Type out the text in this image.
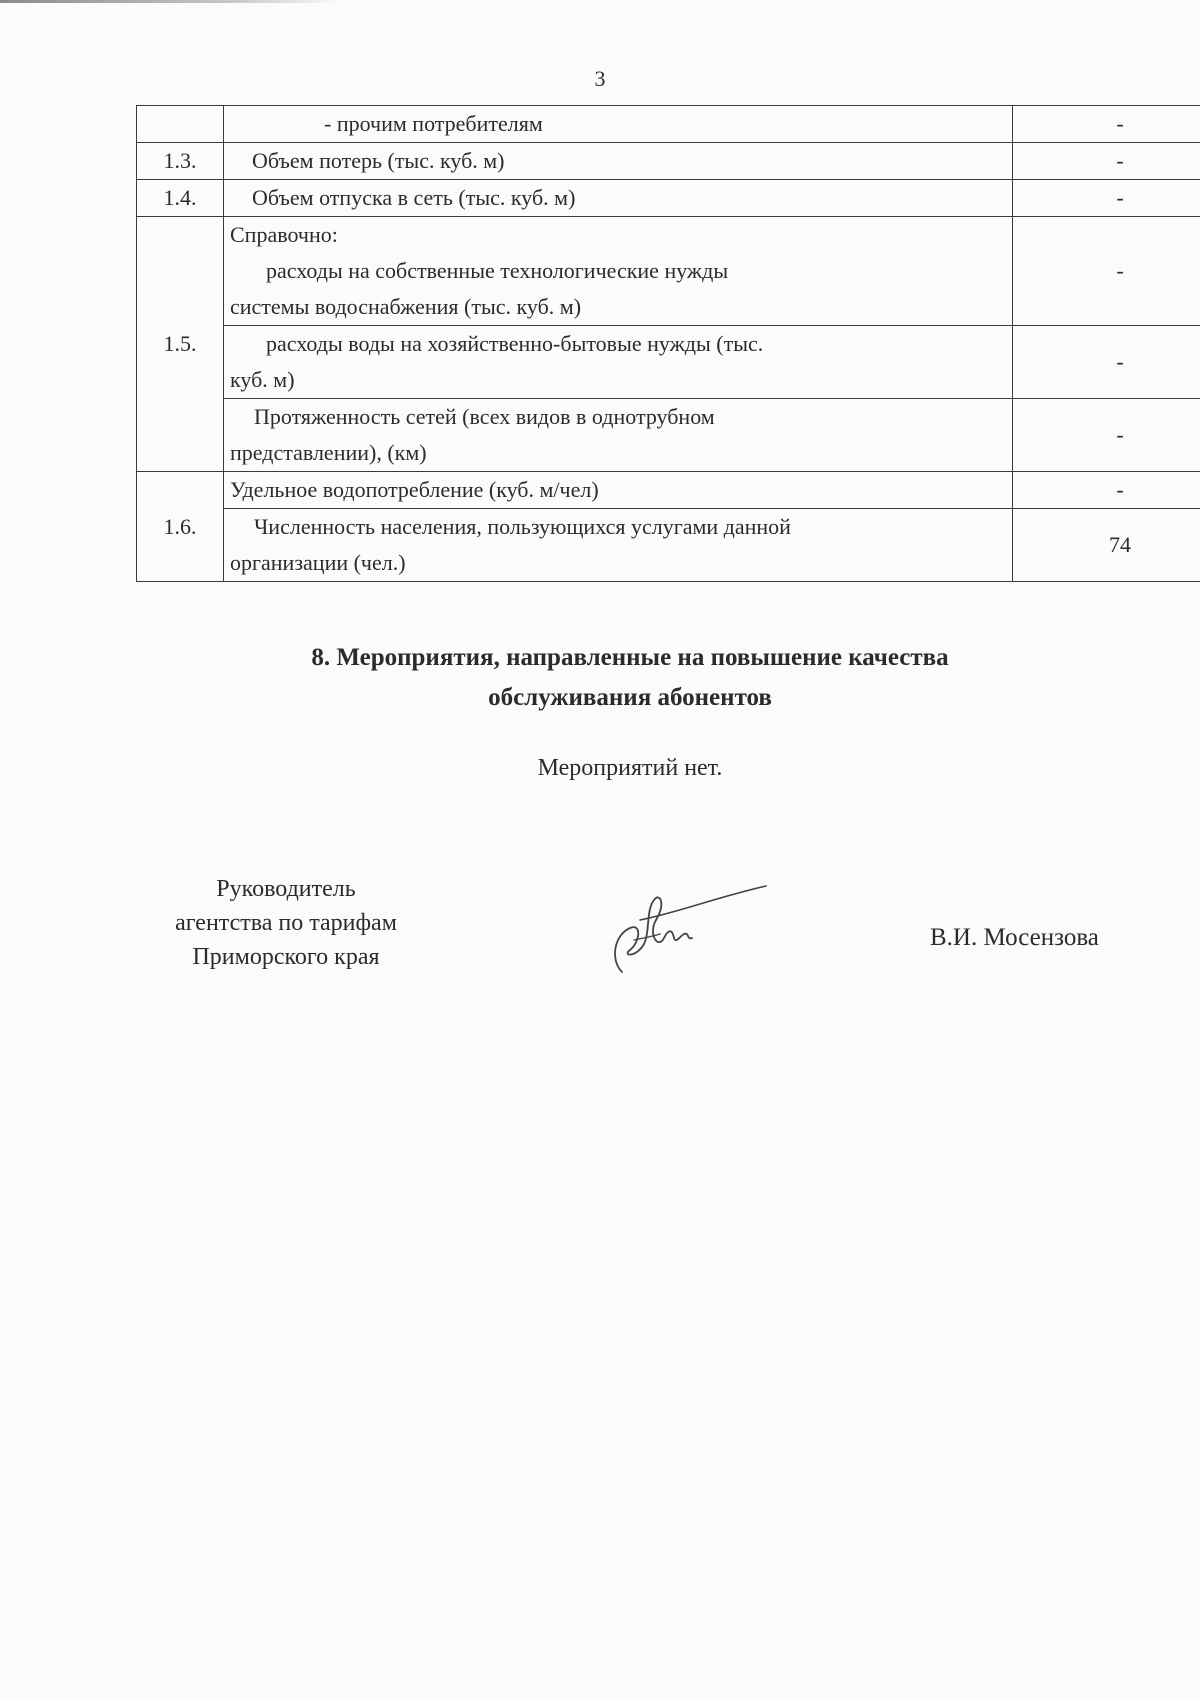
3

	- прочим потребителям	-
1.3.	Объем потерь (тыс. куб. м)	-
1.4.	Объем отпуска в сеть (тыс. куб. м)	-
1.5.	Справочно:
расходы на собственные технологические нужды
системы водоснабжения (тыс. куб. м)	-

	расходы воды на хозяйственно-бытовые нужды (тыс.
куб. м)	-

	Протяженность сетей (всех видов в однотрубном
представлении), (км)	-
1.6.	Удельное водопотребление (куб. м/чел)	-

	Численность населения, пользующихся услугами данной
организации (чел.)	74
8. Мероприятия, направленные на повышение качества
обслуживания абонентов
Мероприятий нет.
Руководитель
агентства по тарифам
Приморского края
В.И. Мосензова
